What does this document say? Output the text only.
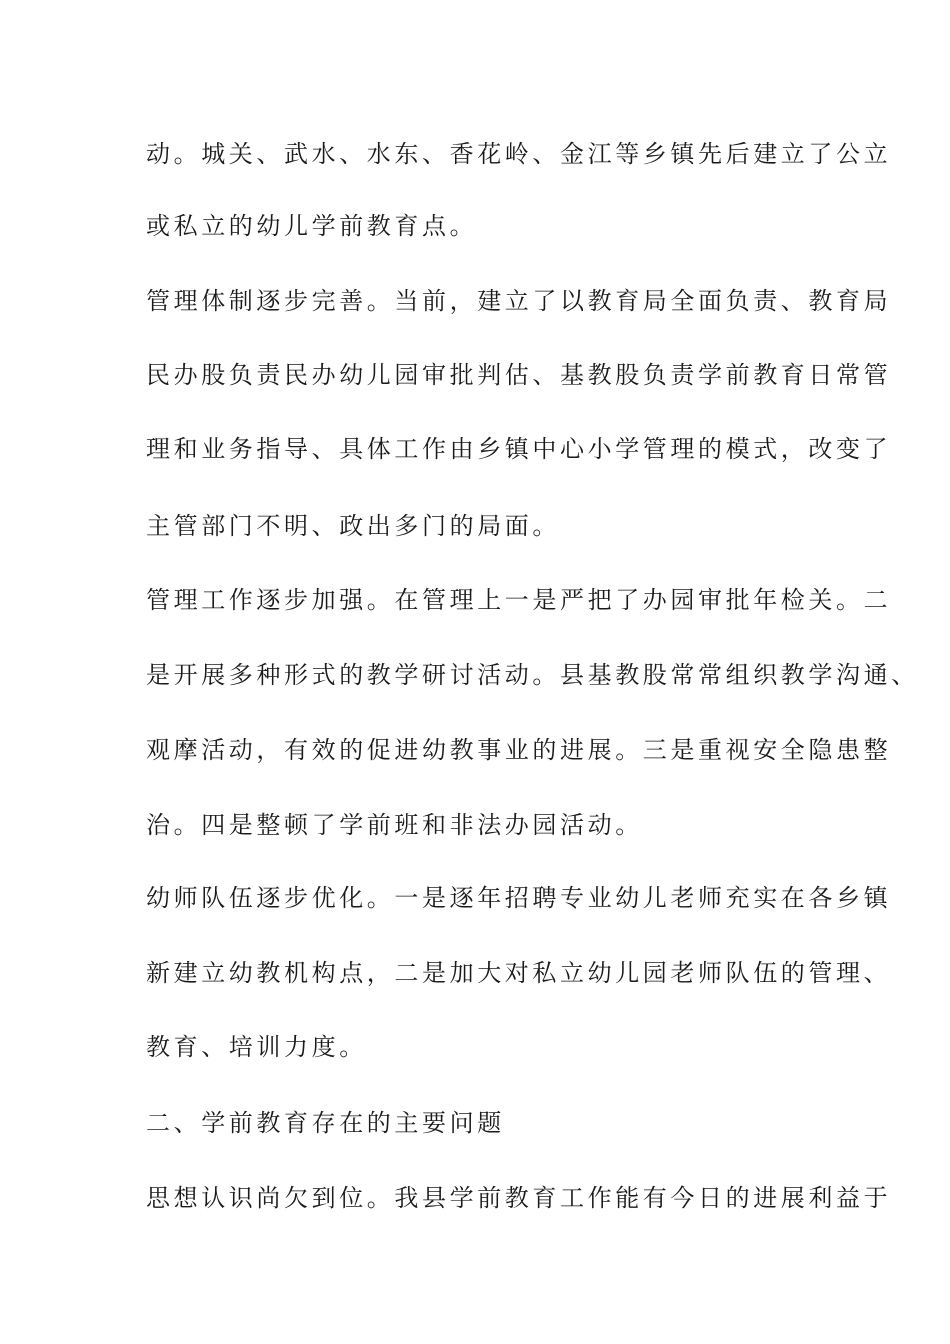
动。城关、武水、水东、香花岭、金江等乡镇先后建立了公立
或私立的幼儿学前教育点。
管理体制逐步完善。当前，建立了以教育局全面负责、教育局
民办股负责民办幼儿园审批判估、基教股负责学前教育日常管
理和业务指导、具体工作由乡镇中心小学管理的模式，改变了
主管部门不明、政出多门的局面。
管理工作逐步加强。在管理上一是严把了办园审批年检关。二
是开展多种形式的教学研讨活动。县基教股常常组织教学沟通、
观摩活动，有效的促进幼教事业的进展。三是重视安全隐患整
治。四是整顿了学前班和非法办园活动。
幼师队伍逐步优化。一是逐年招聘专业幼儿老师充实在各乡镇
新建立幼教机构点，二是加大对私立幼儿园老师队伍的管理、
教育、培训力度。
二、学前教育存在的主要问题
思想认识尚欠到位。我县学前教育工作能有今日的进展利益于
